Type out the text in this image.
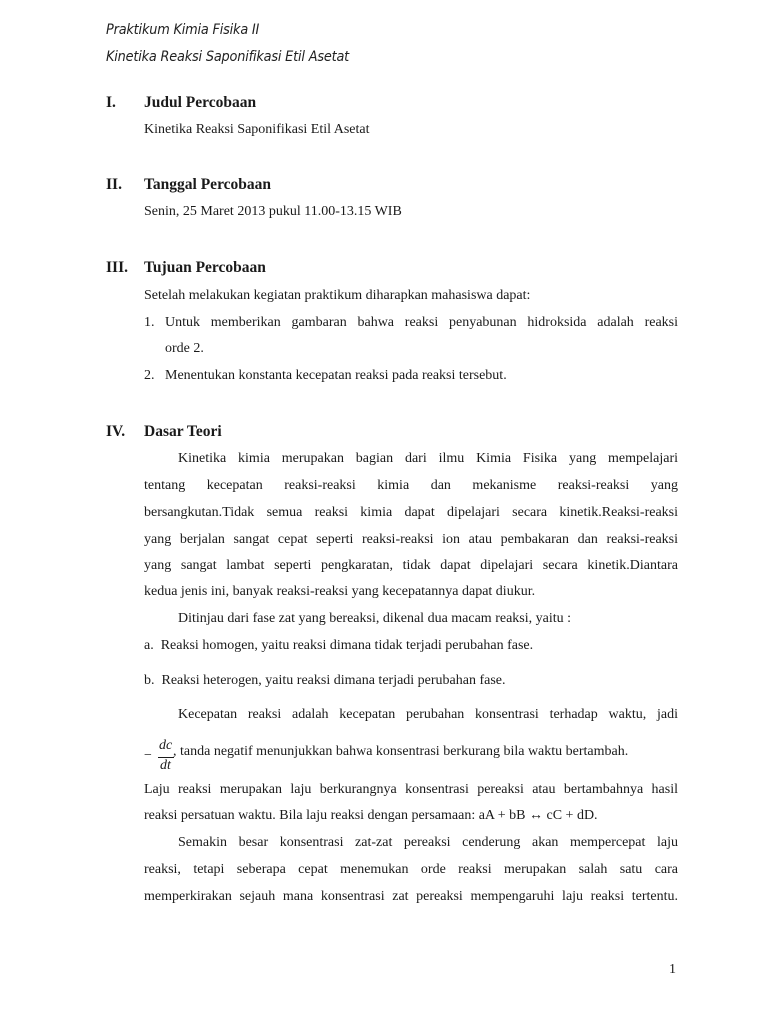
Praktikum Kimia Fisika II
Kinetika Reaksi Saponifikasi Etil Asetat
I. Judul Percobaan
Kinetika Reaksi Saponifikasi Etil Asetat
II. Tanggal Percobaan
Senin, 25 Maret 2013 pukul 11.00-13.15 WIB
III. Tujuan Percobaan
Setelah melakukan kegiatan praktikum diharapkan mahasiswa dapat:
1. Untuk memberikan gambaran bahwa reaksi penyabunan hidroksida adalah reaksi
orde 2.
2. Menentukan konstanta kecepatan reaksi pada reaksi tersebut.
IV. Dasar Teori
Kinetika kimia merupakan bagian dari ilmu Kimia Fisika yang mempelajari
tentang kecepatan reaksi-reaksi kimia dan mekanisme reaksi-reaksi yang
bersangkutan.Tidak semua reaksi kimia dapat dipelajari secara kinetik.Reaksi-reaksi
yang berjalan sangat cepat seperti reaksi-reaksi ion atau pembakaran dan reaksi-reaksi
yang sangat lambat seperti pengkaratan, tidak dapat dipelajari secara kinetik.Diantara
kedua jenis ini, banyak reaksi-reaksi yang kecepatannya dapat diukur.
Ditinjau dari fase zat yang bereaksi, dikenal dua macam reaksi, yaitu :
a.  Reaksi homogen, yaitu reaksi dimana tidak terjadi perubahan fase.
b.  Reaksi heterogen, yaitu reaksi dimana terjadi perubahan fase.
Kecepatan reaksi adalah kecepatan perubahan konsentrasi terhadap waktu, jadi
−
dc
dt
, tanda negatif menunjukkan bahwa konsentrasi berkurang bila waktu bertambah.
Laju reaksi merupakan laju berkurangnya konsentrasi pereaksi atau bertambahnya hasil
reaksi persatuan waktu. Bila laju reaksi dengan persamaan: aA + bB ↔ cC + dD.
Semakin besar konsentrasi zat-zat pereaksi cenderung akan mempercepat laju
reaksi, tetapi seberapa cepat menemukan orde reaksi merupakan salah satu cara
memperkirakan sejauh mana konsentrasi zat pereaksi mempengaruhi laju reaksi tertentu.
1
